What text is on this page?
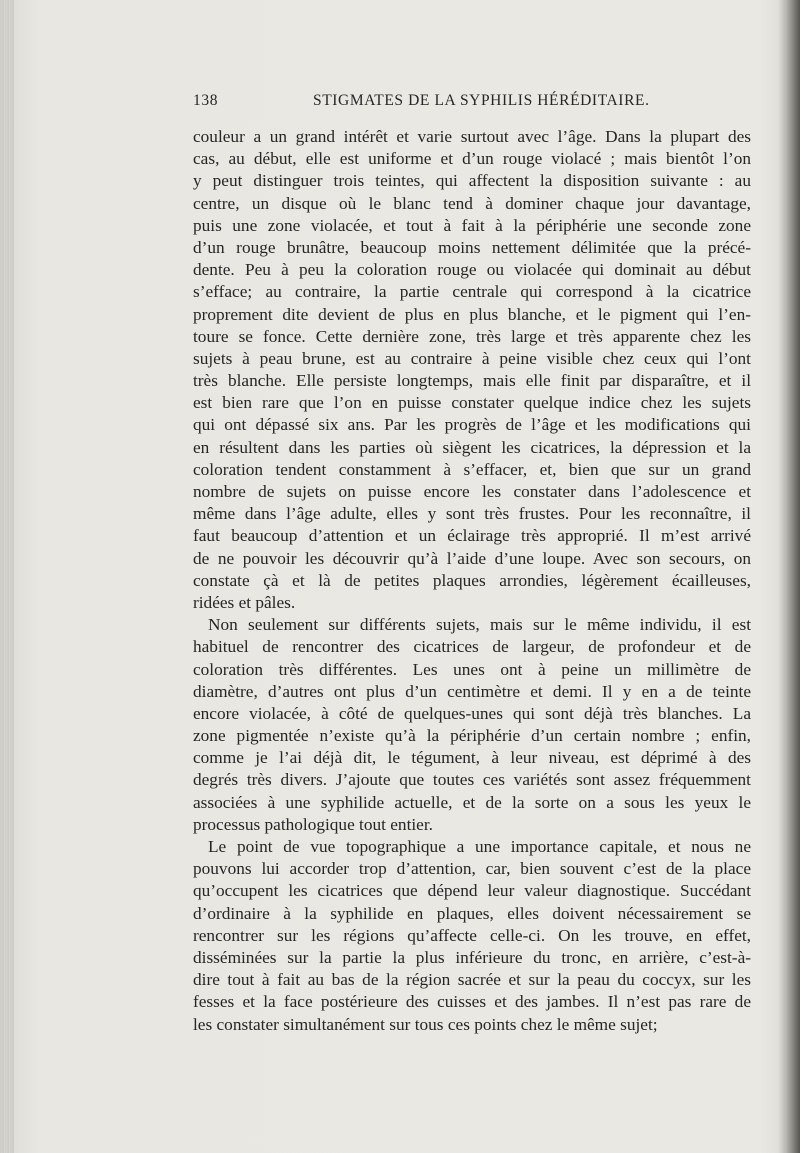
138	STIGMATES DE LA SYPHILIS HÉRÉDITAIRE.
couleur a un grand intérêt et varie surtout avec l’âge. Dans la plupart des
cas, au début, elle est uniforme et d’un rouge violacé ; mais bientôt l’on
y peut distinguer trois teintes, qui affectent la disposition suivante : au
centre, un disque où le blanc tend à dominer chaque jour davantage,
puis une zone violacée, et tout à fait à la périphérie une seconde zone
d’un rouge brunâtre, beaucoup moins nettement délimitée que la précé-
dente. Peu à peu la coloration rouge ou violacée qui dominait au début
s’efface; au contraire, la partie centrale qui correspond à la cicatrice
proprement dite devient de plus en plus blanche, et le pigment qui l’en-
toure se fonce. Cette dernière zone, très large et très apparente chez les
sujets à peau brune, est au contraire à peine visible chez ceux qui l’ont
très blanche. Elle persiste longtemps, mais elle finit par disparaître, et il
est bien rare que l’on en puisse constater quelque indice chez les sujets
qui ont dépassé six ans. Par les progrès de l’âge et les modifications qui
en résultent dans les parties où siègent les cicatrices, la dépression et la
coloration tendent constamment à s’effacer, et, bien que sur un grand
nombre de sujets on puisse encore les constater dans l’adolescence et
même dans l’âge adulte, elles y sont très frustes. Pour les reconnaître, il
faut beaucoup d’attention et un éclairage très approprié. Il m’est arrivé
de ne pouvoir les découvrir qu’à l’aide d’une loupe. Avec son secours, on
constate çà et là de petites plaques arrondies, légèrement écailleuses,
ridées et pâles.
Non seulement sur différents sujets, mais sur le même individu, il est
habituel de rencontrer des cicatrices de largeur, de profondeur et de
coloration très différentes. Les unes ont à peine un millimètre de
diamètre, d’autres ont plus d’un centimètre et demi. Il y en a de teinte
encore violacée, à côté de quelques-unes qui sont déjà très blanches. La
zone pigmentée n’existe qu’à la périphérie d’un certain nombre ; enfin,
comme je l’ai déjà dit, le tégument, à leur niveau, est déprimé à des
degrés très divers. J’ajoute que toutes ces variétés sont assez fréquemment
associées à une syphilide actuelle, et de la sorte on a sous les yeux le
processus pathologique tout entier.
Le point de vue topographique a une importance capitale, et nous ne
pouvons lui accorder trop d’attention, car, bien souvent c’est de la place
qu’occupent les cicatrices que dépend leur valeur diagnostique. Succédant
d’ordinaire à la syphilide en plaques, elles doivent nécessairement se
rencontrer sur les régions qu’affecte celle-ci. On les trouve, en effet,
disséminées sur la partie la plus inférieure du tronc, en arrière, c’est-à-
dire tout à fait au bas de la région sacrée et sur la peau du coccyx, sur les
fesses et la face postérieure des cuisses et des jambes. Il n’est pas rare de
les constater simultanément sur tous ces points chez le même sujet;
